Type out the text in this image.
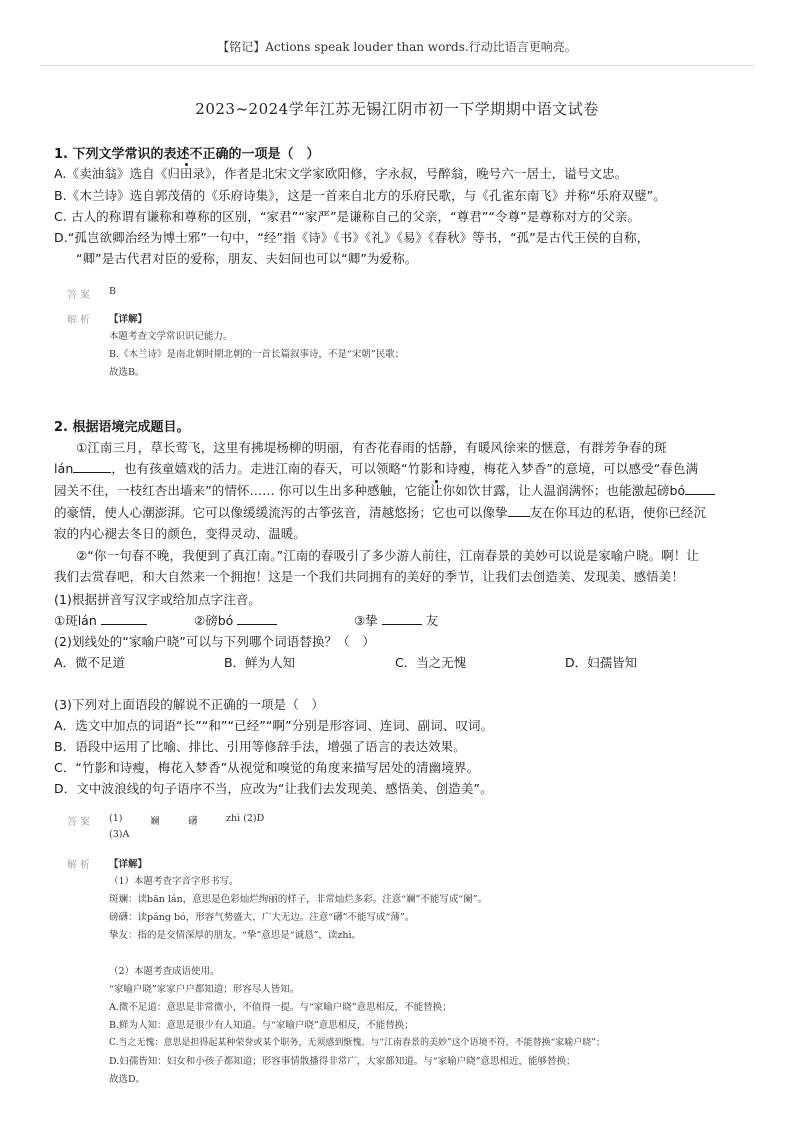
【铭记】Actions speak louder than words.行动比语言更响亮。
2023~2024学年江苏无锡江阴市初一下学期期中语文试卷
1. 下列文学常识的表述不正确的一项是（　）
A.《卖油翁》选自《归田录》，作者是北宋文学家欧阳修，字永叔，号醉翁，晚号六一居士，谥号文忠。
B.《木兰诗》选自郭茂倩的《乐府诗集》，这是一首来自北方的乐府民歌，与《孔雀东南飞》并称“乐府双璧”。
C. 古人的称谓有谦称和尊称的区别，“家君”“家严”是谦称自己的父亲，“尊君”“令尊”是尊称对方的父亲。
D.“孤岂欲卿治经为博士邪”一句中，“经”指《诗》《书》《礼》《易》《春秋》等书，“孤”是古代王侯的自称，
“卿”是古代君对臣的爱称，朋友、夫妇间也可以“卿”为爱称。
答案 B
解析 【详解】
本题考查文学常识识记能力。
B.《木兰诗》是南北朝时期北朝的一首长篇叙事诗，不是“宋朝”民歌；
故选B。
2. 根据语境完成题目。
①江南三月，草长莺飞，这里有拂堤杨柳的明丽，有杏花春雨的恬静，有暖风徐来的惬意，有群芳争春的斑
lán	，也有孩童嬉戏的活力。走进江南的春天，可以领略“竹影和诗瘦，梅花入梦香”的意境，可以感受“春色满
园关不住，一枝红杏出墙来”的情怀…… 你可以生出多种感触，它能让你如饮甘露，让人温润满怀；也能激起磅bó
的豪情，使人心潮澎湃。它可以像缓缓流泻的古筝弦音，清越悠扬；它也可以像挚 友在你耳边的私语，使你已经沉
寂的内心褪去冬日的颜色，变得灵动、温暖。
②“你一句春不晚，我便到了真江南。”江南的春吸引了多少游人前往，江南春景的美妙可以说是家喻户晓。啊！让
我们去赏春吧，和大自然来一个拥抱！这是一个我们共同拥有的美好的季节，让我们去创造美、发现美、感悟美！
(1)根据拼音写汉字或给加点字注音。
①斑lán	②磅bó	③挚	友
(2)划线处的“家喻户晓”可以与下列哪个词语替换？（　）
A．微不足道	B．鲜为人知	C．当之无愧	D．妇孺皆知
(3)下列对上面语段的解说不正确的一项是（　）
A．选文中加点的词语“长”“和”“已经”“啊”分别是形容词、连词、副词、叹词。
B．语段中运用了比喻、排比、引用等修辞手法，增强了语言的表达效果。
C．“竹影和诗瘦，梅花入梦香”从视觉和嗅觉的角度来描写居处的清幽境界。
D．文中波浪线的句子语序不当，应改为“让我们去发现美、感悟美、创造美”。
答案 (1)	斓	礴	zhì (2)D
(3)A
解析 【详解】
（1）本题考查字音字形书写。
斑斓：读bān lán，意思是色彩灿烂绚丽的样子，非常灿烂多彩。注意“斓”不能写成“阑”。
磅礴：读páng bó，形容气势盛大，广大无边。注意“礴”不能写成“薄”。
挚友：指的是交情深厚的朋友。“挚”意思是“诚恳”，读zhì。
（2）本题考查成语使用。
“家喻户晓”家家户户都知道；形容尽人皆知。
A.微不足道：意思是非常微小，不值得一提。与“家喻户晓”意思相反，不能替换；
B.鲜为人知：意思是很少有人知道。与“家喻户晓”意思相反，不能替换；
C.当之无愧：意思是担得起某种荣誉或某个职务，无须感到惭愧。与“江南春景的美妙”这个语境不符，不能替换“家喻户晓”；
D.妇孺皆知：妇女和小孩子都知道；形容事情散播得非常广，大家都知道。与“家喻户晓”意思相近，能够替换；
故选D。
